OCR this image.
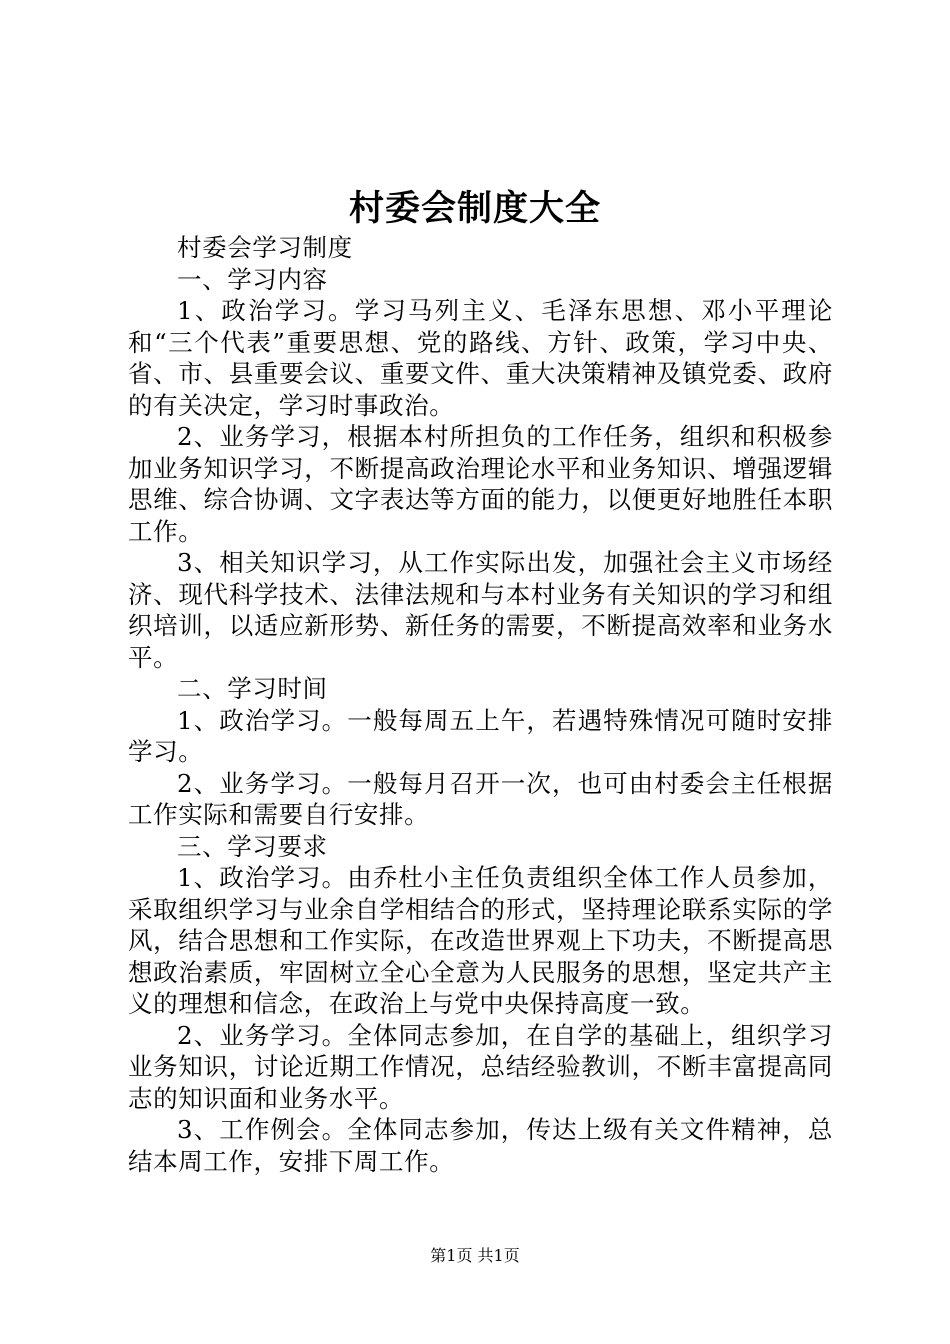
村委会制度大全

村委会学习制度

一、学习内容

1、政治学习。学习马列主义、毛泽东思想、邓小平理论和“三个代表”重要思想、党的路线、方针、政策，学习中央、省、市、县重要会议、重要文件、重大决策精神及镇党委、政府的有关决定，学习时事政治。

2、业务学习，根据本村所担负的工作任务，组织和积极参加业务知识学习，不断提高政治理论水平和业务知识、增强逻辑思维、综合协调、文字表达等方面的能力，以便更好地胜任本职工作。

3、相关知识学习，从工作实际出发，加强社会主义市场经济、现代科学技术、法律法规和与本村业务有关知识的学习和组织培训，以适应新形势、新任务的需要，不断提高效率和业务水平。

二、学习时间

1、政治学习。一般每周五上午，若遇特殊情况可随时安排学习。

2、业务学习。一般每月召开一次，也可由村委会主任根据工作实际和需要自行安排。

三、学习要求

1、政治学习。由乔杜小主任负责组织全体工作人员参加，采取组织学习与业余自学相结合的形式，坚持理论联系实际的学风，结合思想和工作实际，在改造世界观上下功夫，不断提高思想政治素质，牢固树立全心全意为人民服务的思想，坚定共产主义的理想和信念，在政治上与党中央保持高度一致。

2、业务学习。全体同志参加，在自学的基础上，组织学习业务知识，讨论近期工作情况，总结经验教训，不断丰富提高同志的知识面和业务水平。

3、工作例会。全体同志参加，传达上级有关文件精神，总结本周工作，安排下周工作。

第1页 共1页
